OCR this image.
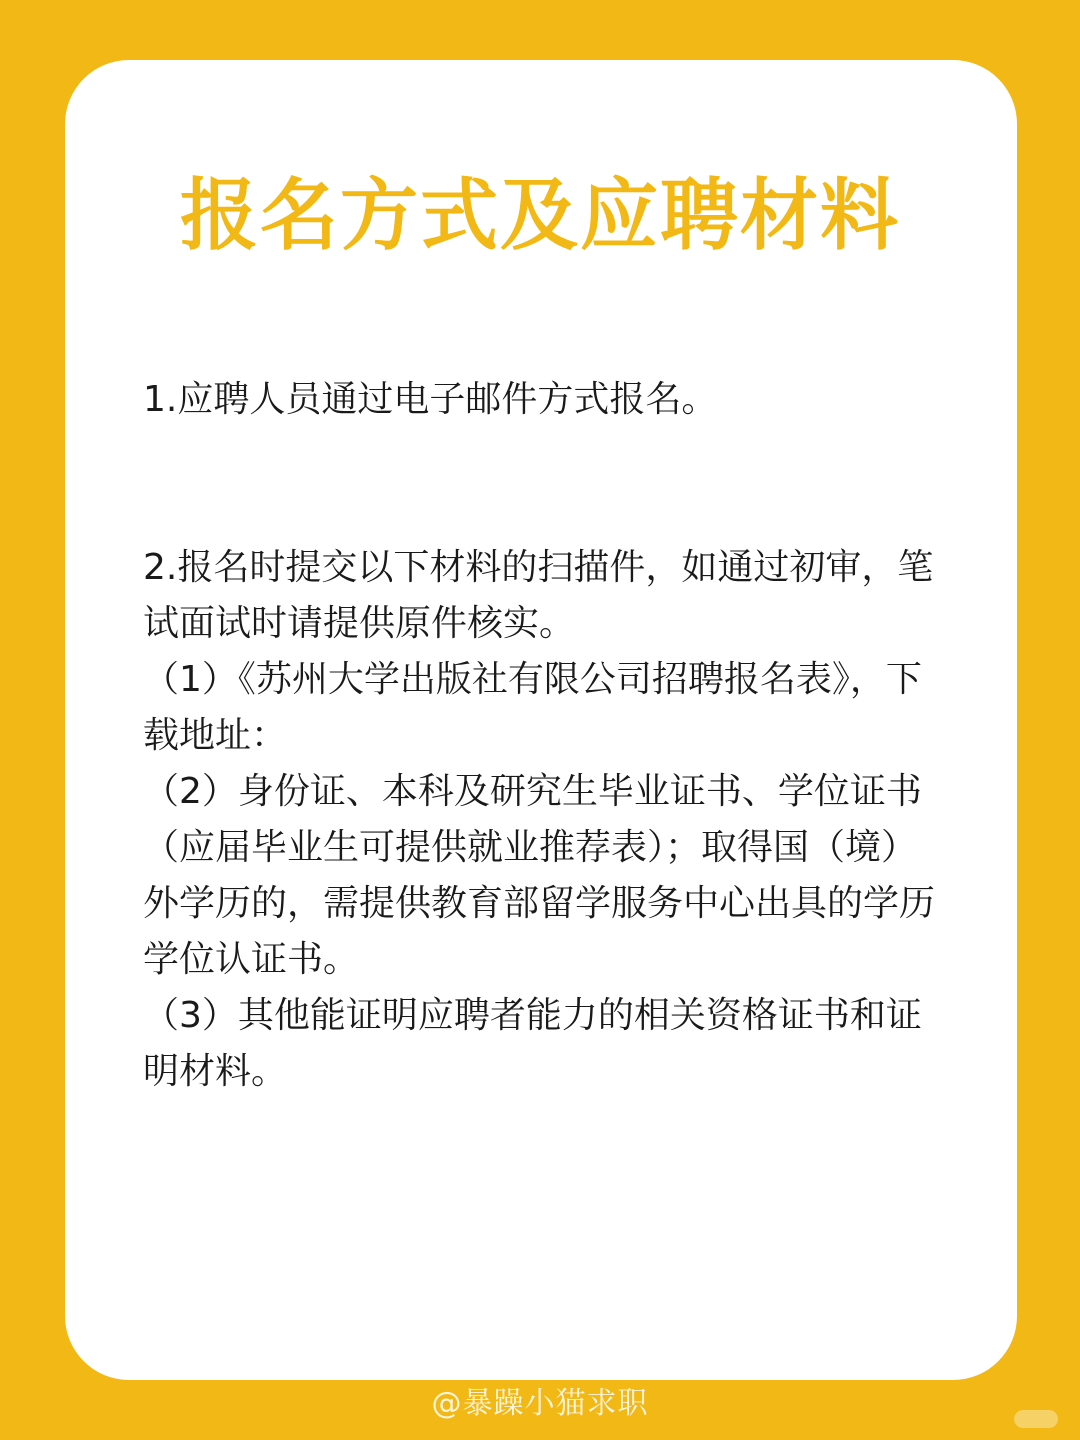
报名方式及应聘材料

1.应聘人员通过电子邮件方式报名。

2.报名时提交以下材料的扫描件，如通过初审，笔试面试时请提供原件核实。

（1）《苏州大学出版社有限公司招聘报名表》，下载地址：

（2）身份证、本科及研究生毕业证书、学位证书（应届毕业生可提供就业推荐表）；取得国（境）外学历的，需提供教育部留学服务中心出具的学历学位认证书。

（3）其他能证明应聘者能力的相关资格证书和证明材料。

@暴躁小猫求职
